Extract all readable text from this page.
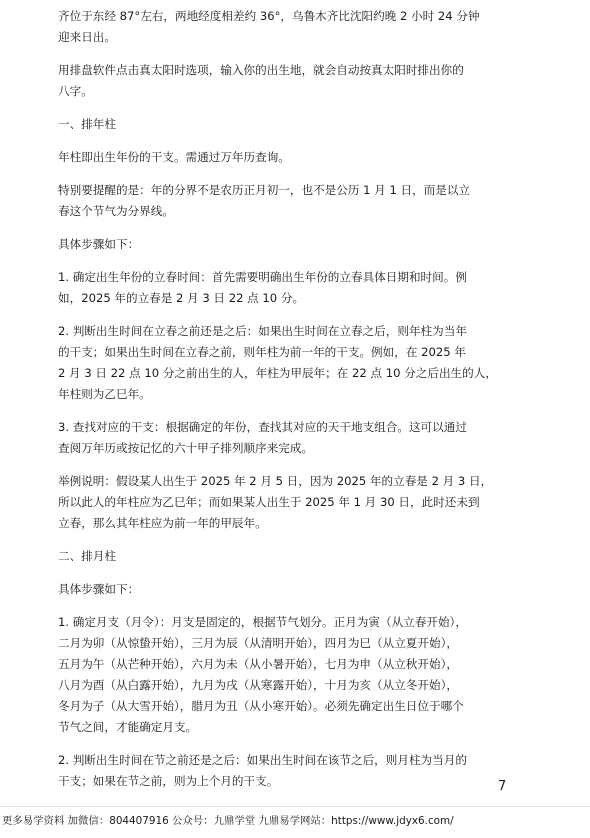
齐位于东经 87°左右，两地经度相差约 36°，乌鲁木齐比沈阳约晚 2 小时 24 分钟
迎来日出。

用排盘软件点击真太阳时选项，输入你的出生地，就会自动按真太阳时排出你的
八字。

一、排年柱

年柱即出生年份的干支。需通过万年历查询。

特别要提醒的是：年的分界不是农历正月初一，也不是公历 1 月 1 日，而是以立
春这个节气为分界线。

具体步骤如下：

1. 确定出生年份的立春时间：首先需要明确出生年份的立春具体日期和时间。例
如，2025 年的立春是 2 月 3 日 22 点 10 分。

2. 判断出生时间在立春之前还是之后：如果出生时间在立春之后，则年柱为当年
的干支；如果出生时间在立春之前，则年柱为前一年的干支。例如，在 2025 年
2 月 3 日 22 点 10 分之前出生的人，年柱为甲辰年；在 22 点 10 分之后出生的人，
年柱则为乙巳年。

3. 查找对应的干支：根据确定的年份，查找其对应的天干地支组合。这可以通过
查阅万年历或按记忆的六十甲子排列顺序来完成。

举例说明：假设某人出生于 2025 年 2 月 5 日，因为 2025 年的立春是 2 月 3 日，
所以此人的年柱应为乙巳年；而如果某人出生于 2025 年 1 月 30 日，此时还未到
立春，那么其年柱应为前一年的甲辰年。

二、排月柱

具体步骤如下：

1. 确定月支（月令）：月支是固定的，根据节气划分。正月为寅（从立春开始），
二月为卯（从惊蛰开始），三月为辰（从清明开始），四月为巳（从立夏开始），
五月为午（从芒种开始），六月为未（从小暑开始），七月为申（从立秋开始），
八月为酉（从白露开始），九月为戌（从寒露开始），十月为亥（从立冬开始），
冬月为子（从大雪开始），腊月为丑（从小寒开始）。必须先确定出生日位于哪个
节气之间，才能确定月支。

2. 判断出生时间在节之前还是之后：如果出生时间在该节之后，则月柱为当月的
干支；如果在节之前，则为上个月的干支。	7
更多易学资料 加微信：804407916 公众号：九鼎学堂 九鼎易学网站：https://www.jdyx6.com/
